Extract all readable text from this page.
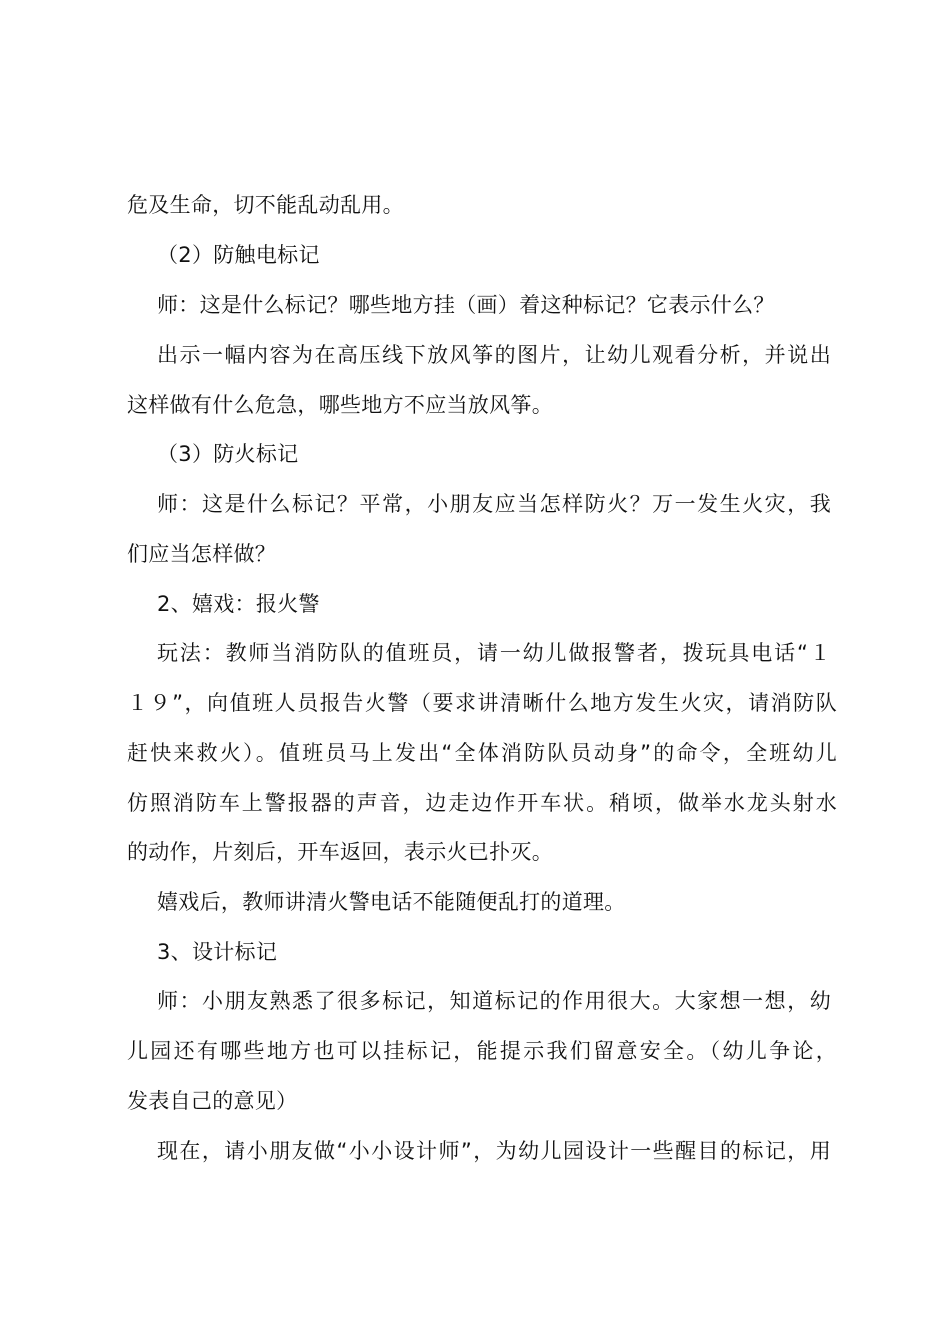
危及生命，切不能乱动乱用。
（2）防触电标记
师：这是什么标记？哪些地方挂（画）着这种标记？它表示什么？
出示一幅内容为在高压线下放风筝的图片，让幼儿观看分析，并说出
这样做有什么危急，哪些地方不应当放风筝。
（3）防火标记
师：这是什么标记？平常，小朋友应当怎样防火？万一发生火灾，我
们应当怎样做？
2、嬉戏：报火警
玩法：教师当消防队的值班员，请一幼儿做报警者，拨玩具电话“１
１９”，向值班人员报告火警（要求讲清晰什么地方发生火灾，请消防队
赶快来救火）。值班员马上发出“全体消防队员动身”的命令，全班幼儿
仿照消防车上警报器的声音，边走边作开车状。稍顷，做举水龙头射水
的动作，片刻后，开车返回，表示火已扑灭。
嬉戏后，教师讲清火警电话不能随便乱打的道理。
3、设计标记
师：小朋友熟悉了很多标记，知道标记的作用很大。大家想一想，幼
儿园还有哪些地方也可以挂标记，能提示我们留意安全。（幼儿争论，
发表自己的意见）
现在，请小朋友做“小小设计师”，为幼儿园设计一些醒目的标记，用
